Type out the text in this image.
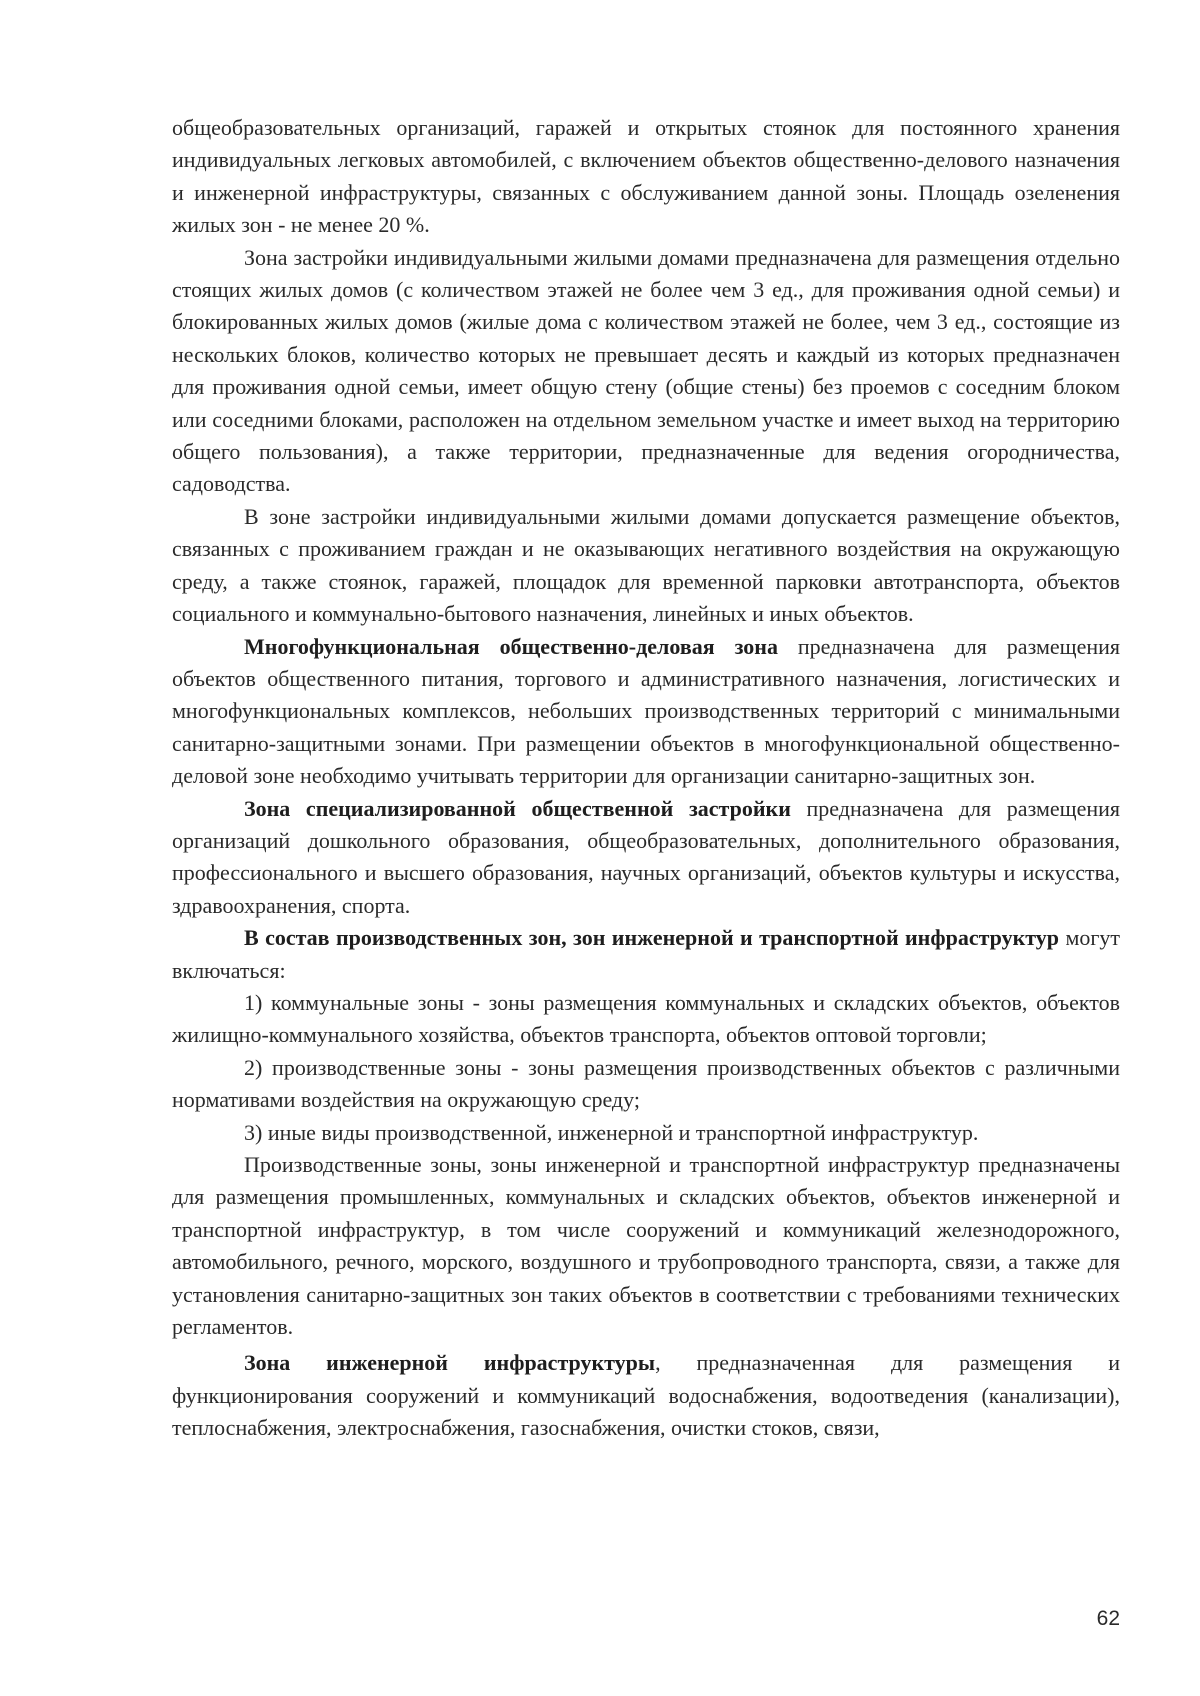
общеобразовательных организаций, гаражей и открытых стоянок для постоянного хранения индивидуальных легковых автомобилей, с включением объектов общественно-делового назначения и инженерной инфраструктуры, связанных с обслуживанием данной зоны. Площадь озеленения жилых зон - не менее 20 %.

Зона застройки индивидуальными жилыми домами предназначена для размещения отдельно стоящих жилых домов (с количеством этажей не более чем 3 ед., для проживания одной семьи) и блокированных жилых домов (жилые дома с количеством этажей не более, чем 3 ед., состоящие из нескольких блоков, количество которых не превышает десять и каждый из которых предназначен для проживания одной семьи, имеет общую стену (общие стены) без проемов с соседним блоком или соседними блоками, расположен на отдельном земельном участке и имеет выход на территорию общего пользования), а также территории, предназначенные для ведения огородничества, садоводства.

В зоне застройки индивидуальными жилыми домами допускается размещение объектов, связанных с проживанием граждан и не оказывающих негативного воздействия на окружающую среду, а также стоянок, гаражей, площадок для временной парковки автотранспорта, объектов социального и коммунально-бытового назначения, линейных и иных объектов.

Многофункциональная общественно-деловая зона предназначена для размещения объектов общественного питания, торгового и административного назначения, логистических и многофункциональных комплексов, небольших производственных территорий с минимальными санитарно-защитными зонами. При размещении объектов в многофункциональной общественно-деловой зоне необходимо учитывать территории для организации санитарно-защитных зон.

Зона специализированной общественной застройки предназначена для размещения организаций дошкольного образования, общеобразовательных, дополнительного образования, профессионального и высшего образования, научных организаций, объектов культуры и искусства, здравоохранения, спорта.

В состав производственных зон, зон инженерной и транспортной инфраструктур могут включаться:

1) коммунальные зоны - зоны размещения коммунальных и складских объектов, объектов жилищно-коммунального хозяйства, объектов транспорта, объектов оптовой торговли;

2) производственные зоны - зоны размещения производственных объектов с различными нормативами воздействия на окружающую среду;

3) иные виды производственной, инженерной и транспортной инфраструктур.

Производственные зоны, зоны инженерной и транспортной инфраструктур предназначены для размещения промышленных, коммунальных и складских объектов, объектов инженерной и транспортной инфраструктур, в том числе сооружений и коммуникаций железнодорожного, автомобильного, речного, морского, воздушного и трубопроводного транспорта, связи, а также для установления санитарно-защитных зон таких объектов в соответствии с требованиями технических регламентов.

Зона инженерной инфраструктуры, предназначенная для размещения и функционирования сооружений и коммуникаций водоснабжения, водоотведения (канализации), теплоснабжения, электроснабжения, газоснабжения, очистки стоков, связи,

62
